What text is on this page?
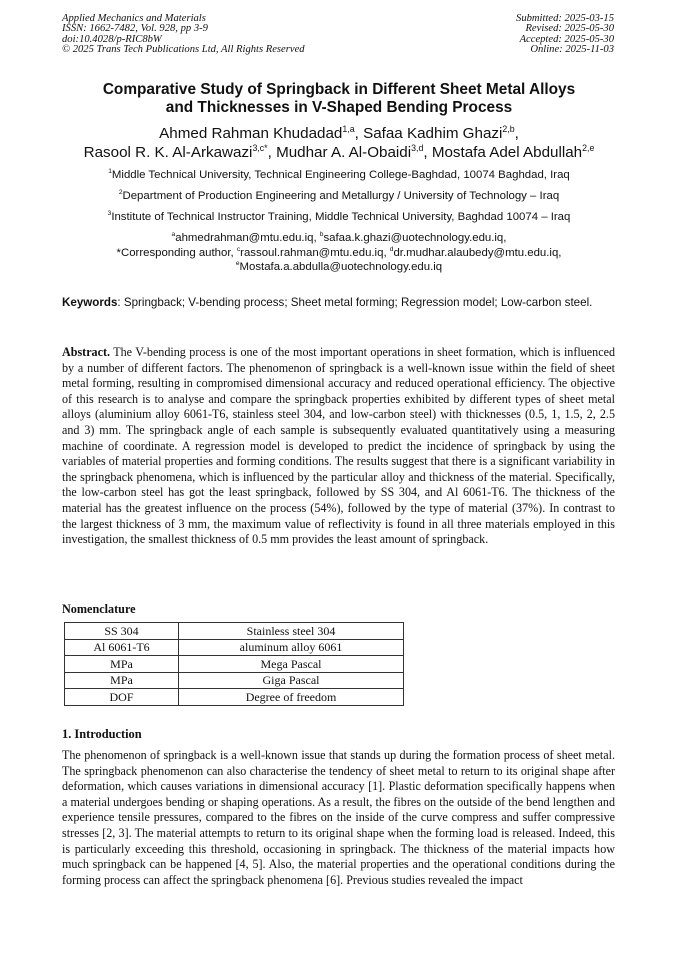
Applied Mechanics and Materials
ISSN: 1662-7482, Vol. 928, pp 3-9
doi:10.4028/p-RIC8bW
© 2025 Trans Tech Publications Ltd, All Rights Reserved
Submitted: 2025-03-15
Revised: 2025-05-30
Accepted: 2025-05-30
Online: 2025-11-03
Comparative Study of Springback in Different Sheet Metal Alloys
and Thicknesses in V-Shaped Bending Process
Ahmed Rahman Khudadad$^{1,a}$, Safaa Kadhim Ghazi$^{2,b}$,
Rasool R. K. Al-Arkawazi$^{3,c*}$, Mudhar A. Al-Obaidi$^{3,d}$, Mostafa Adel Abdullah$^{2,e}$
$^1$Middle Technical University, Technical Engineering College-Baghdad, 10074 Baghdad, Iraq
$^2$Department of Production Engineering and Metallurgy / University of Technology – Iraq
$^3$Institute of Technical Instructor Training, Middle Technical University, Baghdad 10074 – Iraq
$^a$ahmedrahman@mtu.edu.iq, $^b$safaa.k.ghazi@uotechnology.edu.iq,
*Corresponding author, $^c$rassoul.rahman@mtu.edu.iq, $^d$dr.mudhar.alaubedy@mtu.edu.iq,
$^e$Mostafa.a.abdulla@uotechnology.edu.iq
Keywords: Springback; V-bending process; Sheet metal forming; Regression model; Low-carbon steel.
Abstract. The V-bending process is one of the most important operations in sheet formation, which is influenced by a number of different factors. The phenomenon of springback is a well-known issue within the field of sheet metal forming, resulting in compromised dimensional accuracy and reduced operational efficiency. The objective of this research is to analyse and compare the springback properties exhibited by different types of sheet metal alloys (aluminium alloy 6061-T6, stainless steel 304, and low-carbon steel) with thicknesses (0.5, 1, 1.5, 2, 2.5 and 3) mm. The springback angle of each sample is subsequently evaluated quantitatively using a measuring machine of coordinate. A regression model is developed to predict the incidence of springback by using the variables of material properties and forming conditions. The results suggest that there is a significant variability in the springback phenomena, which is influenced by the particular alloy and thickness of the material. Specifically, the low-carbon steel has got the least springback, followed by SS 304, and Al 6061-T6. The thickness of the material has the greatest influence on the process (54%), followed by the type of material (37%). In contrast to the largest thickness of 3 mm, the maximum value of reflectivity is found in all three materials employed in this investigation, the smallest thickness of 0.5 mm provides the least amount of springback.
Nomenclature
SS 304	Stainless steel 304
Al 6061-T6	aluminum alloy 6061
MPa	Mega Pascal
MPa	Giga Pascal
DOF	Degree of freedom
1. Introduction
The phenomenon of springback is a well-known issue that stands up during the formation process of sheet metal. The springback phenomenon can also characterise the tendency of sheet metal to return to its original shape after deformation, which causes variations in dimensional accuracy [1]. Plastic deformation specifically happens when a material undergoes bending or shaping operations. As a result, the fibres on the outside of the bend lengthen and experience tensile pressures, compared to the fibres on the inside of the curve compress and suffer compressive stresses [2, 3]. The material attempts to return to its original shape when the forming load is released. Indeed, this is particularly exceeding this threshold, occasioning in springback. The thickness of the material impacts how much springback can be happened [4, 5]. Also, the material properties and the operational conditions during the forming process can affect the springback phenomena [6]. Previous studies revealed the impact
